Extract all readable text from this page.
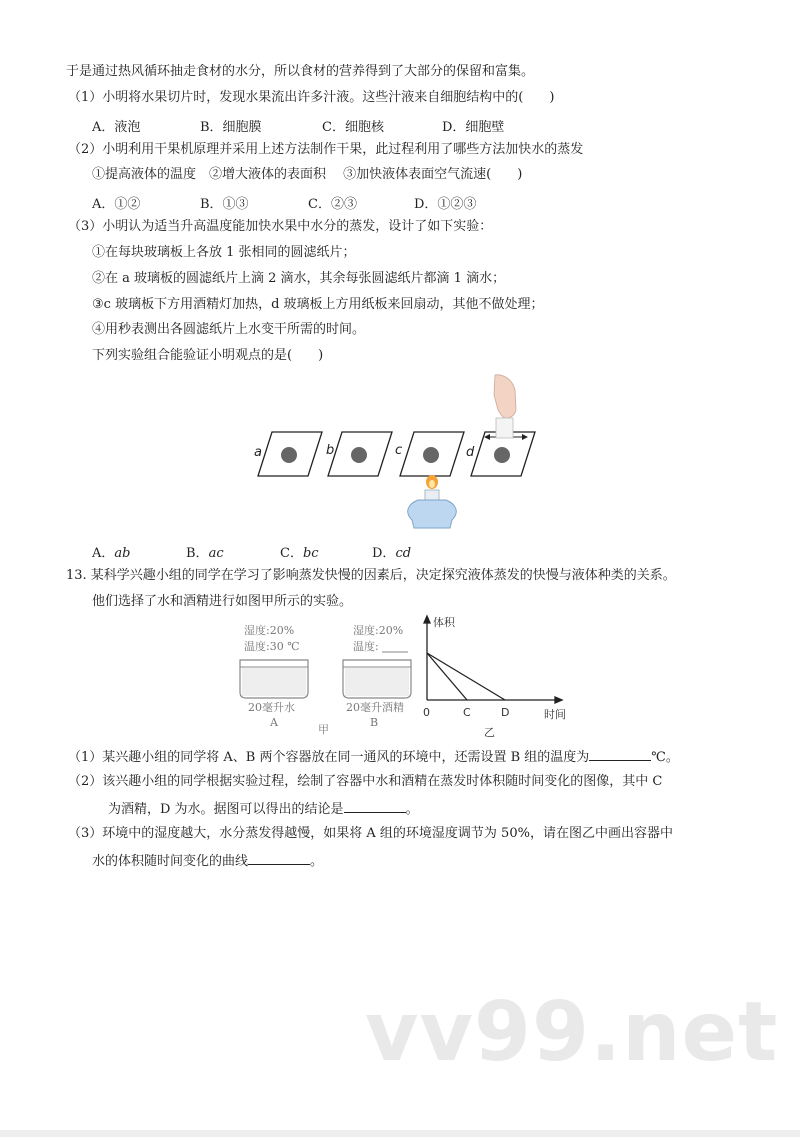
于是通过热风循环抽走食材的水分，所以食材的营养得到了大部分的保留和富集。
（1）小明将水果切片时，发现水果流出许多汁液。这些汁液来自细胞结构中的(　　)
A．液泡	B．细胞膜	C．细胞核	D．细胞壁
（2）小明利用干果机原理并采用上述方法制作干果，此过程利用了哪些方法加快水的蒸发
①提高液体的温度　②增大液体的表面积　 ③加快液体表面空气流速(　　)
A．①②	B．①③	C．②③	D．①②③
（3）小明认为适当升高温度能加快水果中水分的蒸发，设计了如下实验：
①在每块玻璃板上各放 1 张相同的圆滤纸片；
②在 a 玻璃板的圆滤纸片上滴 2 滴水，其余每张圆滤纸片都滴 1 滴水；
③c 玻璃板下方用酒精灯加热，d 玻璃板上方用纸板来回扇动，其他不做处理；
④用秒表测出各圆滤纸片上水变干所需的时间。
下列实验组合能验证小明观点的是(　　)
a	b	c	d
A．ab	B．ac	C．bc	D．cd
13. 某科学兴趣小组的同学在学习了影响蒸发快慢的因素后，决定探究液体蒸发的快慢与液体种类的关系。
他们选择了水和酒精进行如图甲所示的实验。
湿度:20%
温度:30 ℃
20毫升水
A
湿度:20%
温度:
20毫升酒精
B
甲
体积
时间
0	C	D
乙
（1）某兴趣小组的同学将 A、B 两个容器放在同一通风的环境中，还需设置 B 组的温度为	℃。
（2）该兴趣小组的同学根据实验过程，绘制了容器中水和酒精在蒸发时体积随时间变化的图像，其中 C
为酒精，D 为水。据图可以得出的结论是	。
（3）环境中的湿度越大，水分蒸发得越慢，如果将 A 组的环境湿度调节为 50%，请在图乙中画出容器中
水的体积随时间变化的曲线	。
vv99.net
